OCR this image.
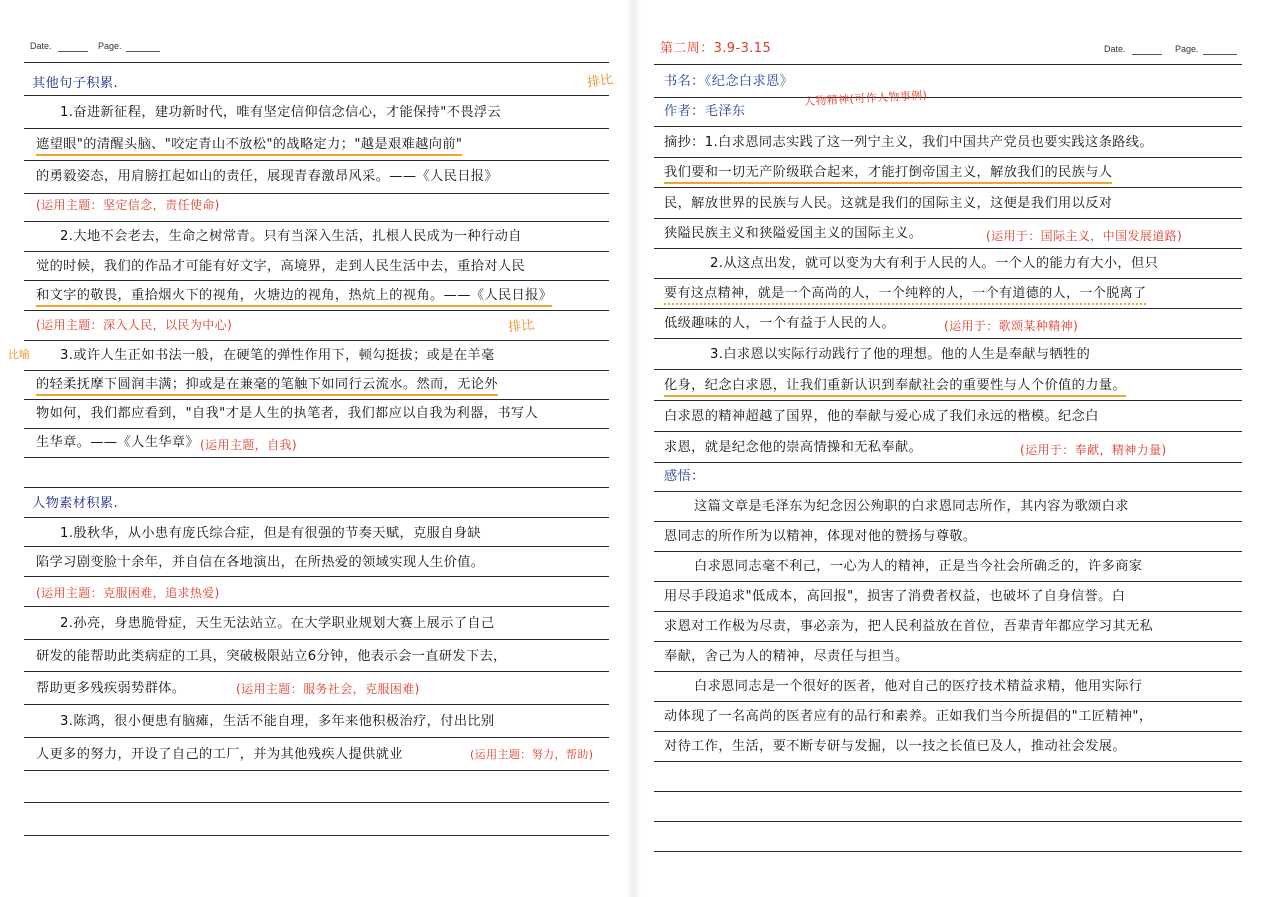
Date.	Page.
其他句子积累.
1.奋进新征程，建功新时代，唯有坚定信仰信念信心，才能保持"不畏浮云
遮望眼"的清醒头脑、"咬定青山不放松"的战略定力；"越是艰难越向前"
的勇毅姿态，用肩膀扛起如山的责任，展现青春激昂风采。——《人民日报》
(运用主题：坚定信念，责任使命)
2.大地不会老去，生命之树常青。只有当深入生活，扎根人民成为一种行动自
觉的时候，我们的作品才可能有好文字，高境界，走到人民生活中去，重拾对人民
和文字的敬畏，重拾烟火下的视角，火塘边的视角，热炕上的视角。——《人民日报》
(运用主题：深入人民，以民为中心)
3.或许人生正如书法一般，在硬笔的弹性作用下，顿勾挺拔；或是在羊毫
的轻柔抚摩下圆润丰满；抑或是在兼毫的笔触下如同行云流水。然而，无论外
物如何，我们都应看到，"自我"才是人生的执笔者，我们都应以自我为利器，书写人
生华章。——《人生华章》 (运用主题，自我)
排比
排比
比喻
人物素材积累.
1.殷秋华，从小患有庞氏综合症，但是有很强的节奏天赋，克服自身缺
陷学习剧变脸十余年，并自信在各地演出，在所热爱的领域实现人生价值。
(运用主题：克服困难，追求热爱)
2.孙亮，身患脆骨症，天生无法站立。在大学职业规划大赛上展示了自己
研发的能帮助此类病症的工具，突破极限站立6分钟，他表示会一直研发下去，
帮助更多残疾弱势群体。	(运用主题：服务社会，克服困难)
3.陈鸿，很小便患有脑瘫，生活不能自理，多年来他积极治疗，付出比别
人更多的努力，开设了自己的工厂，并为其他残疾人提供就业	(运用主题：努力，帮助)
第二周：3.9-3.15	Date.	Page.
书名：《纪念白求恩》
人物精神(可作人物事例)
作者：毛泽东
摘抄：1.白求恩同志实践了这一列宁主义，我们中国共产党员也要实践这条路线。
我们要和一切无产阶级联合起来，才能打倒帝国主义，解放我们的民族与人
民，解放世界的民族与人民。这就是我们的国际主义，这便是我们用以反对
狭隘民族主义和狭隘爱国主义的国际主义。	(运用于：国际主义，中国发展道路)
2.从这点出发，就可以变为大有利于人民的人。一个人的能力有大小，但只
要有这点精神，就是一个高尚的人，一个纯粹的人，一个有道德的人，一个脱离了
低级趣味的人，一个有益于人民的人。	(运用于：歌颂某种精神)
3.白求恩以实际行动践行了他的理想。他的人生是奉献与牺牲的
化身，纪念白求恩，让我们重新认识到奉献社会的重要性与人个价值的力量。
白求恩的精神超越了国界，他的奉献与爱心成了我们永远的楷模。纪念白
求恩，就是纪念他的崇高情操和无私奉献。	(运用于：奉献，精神力量)
感悟：
这篇文章是毛泽东为纪念因公殉职的白求恩同志所作，其内容为歌颂白求
恩同志的所作所为以精神，体现对他的赞扬与尊敬。
白求恩同志毫不利己，一心为人的精神，正是当今社会所确乏的，许多商家
用尽手段追求"低成本，高回报"，损害了消费者权益，也破坏了自身信誉。白
求恩对工作极为尽责，事必亲为，把人民利益放在首位，吾辈青年都应学习其无私
奉献，舍己为人的精神，尽责任与担当。
白求恩同志是一个很好的医者，他对自己的医疗技术精益求精，他用实际行
动体现了一名高尚的医者应有的品行和素养。正如我们当今所提倡的"工匠精神"，
对待工作，生活，要不断专研与发掘，以一技之长值已及人，推动社会发展。
